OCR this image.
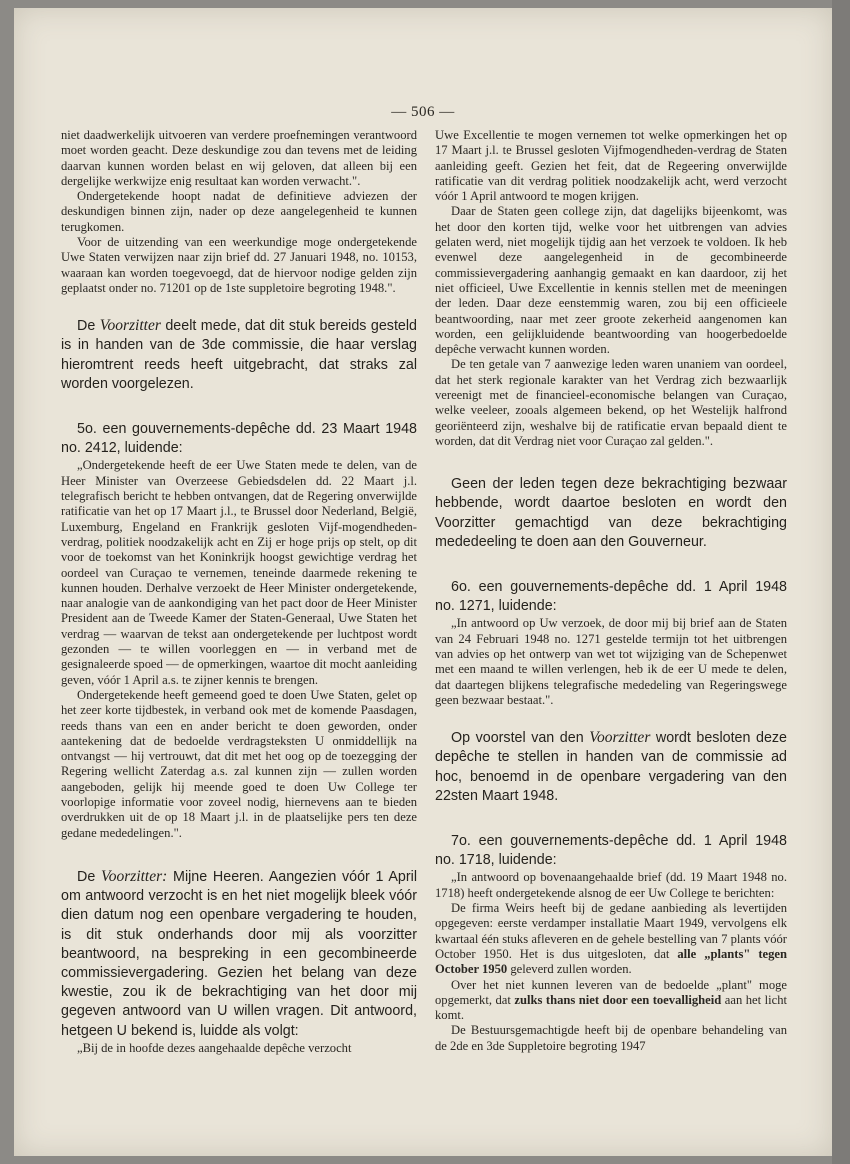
— 506 —

niet daadwerkelijk uitvoeren van verdere proefnemingen verantwoord moet worden geacht. Deze deskundige zou dan tevens met de leiding daarvan kunnen worden belast en wij geloven, dat alleen bij een dergelijke werkwijze enig resultaat kan worden verwacht.".

Ondergetekende hoopt nadat de definitieve adviezen der deskundigen binnen zijn, nader op deze aangelegenheid te kunnen terugkomen.

Voor de uitzending van een weerkundige moge ondergetekende Uwe Staten verwijzen naar zijn brief dd. 27 Januari 1948, no. 10153, waaraan kan worden toegevoegd, dat de hiervoor nodige gelden zijn geplaatst onder no. 71201 op de 1ste suppletoire begroting 1948.".

De Voorzitter deelt mede, dat dit stuk bereids gesteld is in handen van de 3de commissie, die haar verslag hieromtrent reeds heeft uitgebracht, dat straks zal worden voorgelezen.

5o. een gouvernements-depêche dd. 23 Maart 1948 no. 2412, luidende:

„Ondergetekende heeft de eer Uwe Staten mede te delen, van de Heer Minister van Overzeese Gebiedsdelen dd. 22 Maart j.l. telegrafisch bericht te hebben ontvangen, dat de Regering onverwijlde ratificatie van het op 17 Maart j.l., te Brussel door Nederland, België, Luxemburg, Engeland en Frankrijk gesloten Vijf-mogendheden-verdrag, politiek noodzakelijk acht en Zij er hoge prijs op stelt, op dit voor de toekomst van het Koninkrijk hoogst gewichtige verdrag het oordeel van Curaçao te vernemen, teneinde daarmede rekening te kunnen houden. Derhalve verzoekt de Heer Minister ondergetekende, naar analogie van de aankondiging van het pact door de Heer Minister President aan de Tweede Kamer der Staten-Generaal, Uwe Staten het verdrag — waarvan de tekst aan ondergetekende per luchtpost wordt gezonden — te willen voorleggen en — in verband met de gesignaleerde spoed — de opmerkingen, waartoe dit mocht aanleiding geven, vóór 1 April a.s. te zijner kennis te brengen.

Ondergetekende heeft gemeend goed te doen Uwe Staten, gelet op het zeer korte tijdbestek, in verband ook met de komende Paasdagen, reeds thans van een en ander bericht te doen geworden, onder aantekening dat de bedoelde verdragsteksten U onmiddellijk na ontvangst — hij vertrouwt, dat dit met het oog op de toezegging der Regering wellicht Zaterdag a.s. zal kunnen zijn — zullen worden aangeboden, gelijk hij meende goed te doen Uw College ter voorlopige informatie voor zoveel nodig, hiernevens aan te bieden overdrukken uit de op 18 Maart j.l. in de plaatselijke pers ten deze gedane mededelingen.".

De Voorzitter: Mijne Heeren. Aangezien vóór 1 April om antwoord verzocht is en het niet mogelijk bleek vóór dien datum nog een openbare vergadering te houden, is dit stuk onderhands door mij als voorzitter beantwoord, na bespreking in een gecombineerde commissievergadering. Gezien het belang van deze kwestie, zou ik de bekrachtiging van het door mij gegeven antwoord van U willen vragen. Dit antwoord, hetgeen U bekend is, luidde als volgt:

„Bij de in hoofde dezes aangehaalde depêche verzocht

Uwe Excellentie te mogen vernemen tot welke opmerkingen het op 17 Maart j.l. te Brussel gesloten Vijfmogendheden-verdrag de Staten aanleiding geeft. Gezien het feit, dat de Regeering onverwijlde ratificatie van dit verdrag politiek noodzakelijk acht, werd verzocht vóór 1 April antwoord te mogen krijgen.

Daar de Staten geen college zijn, dat dagelijks bijeenkomt, was het door den korten tijd, welke voor het uitbrengen van advies gelaten werd, niet mogelijk tijdig aan het verzoek te voldoen. Ik heb evenwel deze aangelegenheid in de gecombineerde commissievergadering aanhangig gemaakt en kan daardoor, zij het niet officieel, Uwe Excellentie in kennis stellen met de meeningen der leden. Daar deze eenstemmig waren, zou bij een officieele beantwoording, naar met zeer groote zekerheid aangenomen kan worden, een gelijkluidende beantwoording van hoogerbedoelde depêche verwacht kunnen worden.

De ten getale van 7 aanwezige leden waren unaniem van oordeel, dat het sterk regionale karakter van het Verdrag zich bezwaarlijk vereenigt met de financieel-economische belangen van Curaçao, welke veeleer, zooals algemeen bekend, op het Westelijk halfrond georiënteerd zijn, weshalve bij de ratificatie ervan bepaald dient te worden, dat dit Verdrag niet voor Curaçao zal gelden.".

Geen der leden tegen deze bekrachtiging bezwaar hebbende, wordt daartoe besloten en wordt den Voorzitter gemachtigd van deze bekrachtiging mededeeling te doen aan den Gouverneur.

6o. een gouvernements-depêche dd. 1 April 1948 no. 1271, luidende:

„In antwoord op Uw verzoek, de door mij bij brief aan de Staten van 24 Februari 1948 no. 1271 gestelde termijn tot het uitbrengen van advies op het ontwerp van wet tot wijziging van de Schepenwet met een maand te willen verlengen, heb ik de eer U mede te delen, dat daartegen blijkens telegrafische mededeling van Regeringswege geen bezwaar bestaat.".

Op voorstel van den Voorzitter wordt besloten deze depêche te stellen in handen van de commissie ad hoc, benoemd in de openbare vergadering van den 22sten Maart 1948.

7o. een gouvernements-depêche dd. 1 April 1948 no. 1718, luidende:

„In antwoord op bovenaangehaalde brief (dd. 19 Maart 1948 no. 1718) heeft ondergetekende alsnog de eer Uw College te berichten:

De firma Weirs heeft bij de gedane aanbieding als levertijden opgegeven: eerste verdamper installatie Maart 1949, vervolgens elk kwartaal één stuks afleveren en de gehele bestelling van 7 plants vóór October 1950. Het is dus uitgesloten, dat alle „plants" tegen October 1950 geleverd zullen worden.

Over het niet kunnen leveren van de bedoelde „plant" moge opgemerkt, dat zulks thans niet door een toevalligheid aan het licht komt.

De Bestuursgemachtigde heeft bij de openbare behandeling van de 2de en 3de Suppletoire begroting 1947
